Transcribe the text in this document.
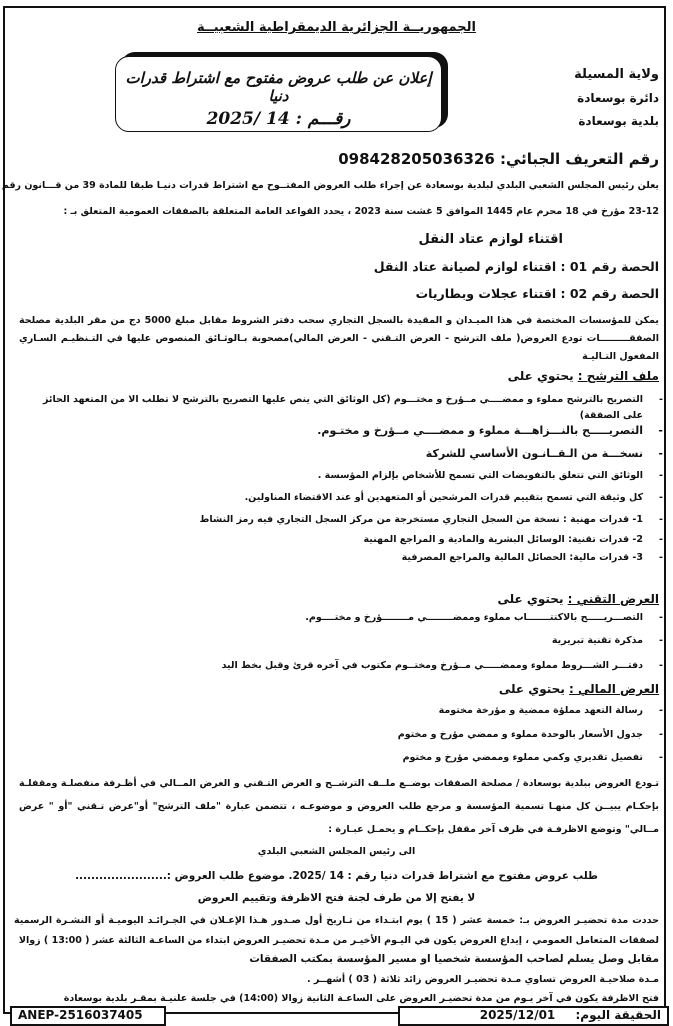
الجمهوريــة الجزائرية الديمقراطية الشعبيــة
إعلان عن طلب عروض مفتوح مع اشتراط قدرات دنيا
رقـــم : 14 /2025
ولاية المسيلة
دائرة بوسعادة
بلدية بوسعادة
رقم التعريف الجبائي: 098428205036326
يعلن رئيس المجلس الشعبي البلدي لبلدية بوسعادة عن إجراء طلب العروض المفتــوح مع اشتراط قدرات دنيـا طبقا للمادة 39 من قـــانون رقم
23-12 مؤرخ في 18 محرم عام 1445 الموافق 5 غشت سنة 2023 ، يحدد القواعد العامة المتعلقة بالصفقات العمومية المتعلق بـ :
اقتناء لوازم عتاد النقل
الحصة رقم 01 : اقتناء لوازم لصيانة عتاد النقل
الحصة رقم 02 : اقتناء عجلات وبطاريات
يمكن للمؤسسات المختصة في هذا الميـدان و المقيدة بالسجل التجاري سحب دفتر الشروط مقابل مبلغ 5000 دج من مقر البلدية مصلحة الصفقـــــــــات تودع العروض( ملف الترشح - العرض التـقني - العرض المالي)مصحوبة بـالوثـائق المنصوص عليها في التـنظيـم السـاري المفعول التـاليـة
ملف الترشح : يحتوي على
- التصريح بالترشح مملوء و ممضــــي مــؤرخ و مختـــوم (كل الوثائق التي ينص عليها التصريح بالترشح لا تطلب الا من المتعهد الحائز على الصفقة)
- التصريـــــح بالنـــزاهـــة مملوء و ممضــــي مــؤرخ و مختـوم.
- نسخـــة من الـقــانـون الأساسي للشركة
- الوثائق التي تتعلق بالتفويضات التي تسمح للأشخاص بإلزام المؤسسة .
- كل وثيقة التي تسمح بتقييم قدرات المرشحين أو المتعهدين أو عند الاقتضاء المناولين.
- 1- قدرات مهنية : نسخة من السجل التجاري مستخرجة من مركز السجل التجاري فيه رمز النشاط
- 2- قدرات تقنية: الوسائل البشرية والمادية و المراجع المهنية
- 3- قدرات مالية: الحصائل المالية والمراجع المصرفية
العرض التقني : يحتوي على
- التصـــريـــــح بالاكتتـــــــاب مملوء وممضــــــــي مــــــــؤرخ و مختــــوم.
- مذكرة تقنية تبريرية
- دفتـــر الشـــروط مملوء وممضـــــي مــؤرخ ومختــوم مكتوب في آخره قرئ وقبل بخط اليد
العرض المالي : يحتوي على
- رسالة التعهد مملؤة ممضية و مؤرخة مختومة
- جدول الأسعار بالوحدة مملوء و ممضي مؤرخ و مختوم
- تفصيل تقديري وكمي مملوء وممضي مؤرخ و مختوم
تـودع العروض ببلدية بوسعادة / مصلحة الصفقات بوضــع ملــف الترشــح و العرض التـقني و العرض المــالي في أظـرفة منفصلـة ومقفلـة بإحكـام يبيــن كل منهـا تسمية المؤسسة و مرجع طلب العروض و موضوعـه ، تتضمن عبارة "ملف الترشح" أو"عرض تـقني "أو " عرض مــالي" وتوضع الاظرفـة في ظرف آخر مقفل بإحكــام و يحمـل عبـارة :
الى رئيس المجلس الشعبي البلدي
طلب عروض مفتوح مع اشتراط قدرات دنيا رقم : 14 /2025. موضوع طلب العروض :.......................
لا يفتح إلا من طرف لجنة فتح الاظرفة وتقييم العروض
حددت مدة تحضيـر العروض بـ: خمسة عشر ( 15 ) يوم ابتـداء من تـاريخ أول صـدور هـذا الإعـلان في الجـرائـد اليوميـة أو النشـرة الرسمية لصفقات المتعامل العمومي ، إيداع العروض يكون في اليـوم الأخيـر من مـدة تحضيـر العروض ابتداء من الساعـة الثالثة عشر ( 13:00 ) زوالا
مقابل وصل يسلم لصاحب المؤسسة شخصيا او مسير المؤسسة بمكتب الصفقات
مـدة صلاحيـة العروض تساوي مـدة تحضيـر العروض زائد ثلاثة ( 03 ) أشهــر .
فتح الاظرفة يكون في آخر يـوم من مدة تحضيـر العروض على الساعـة الثانية زوالا (14:00) في جلسة علنيـة بمقـر بلدية بوسعادة
ANEP-2516037405	الحقيقة اليوم: 2025/12/01
